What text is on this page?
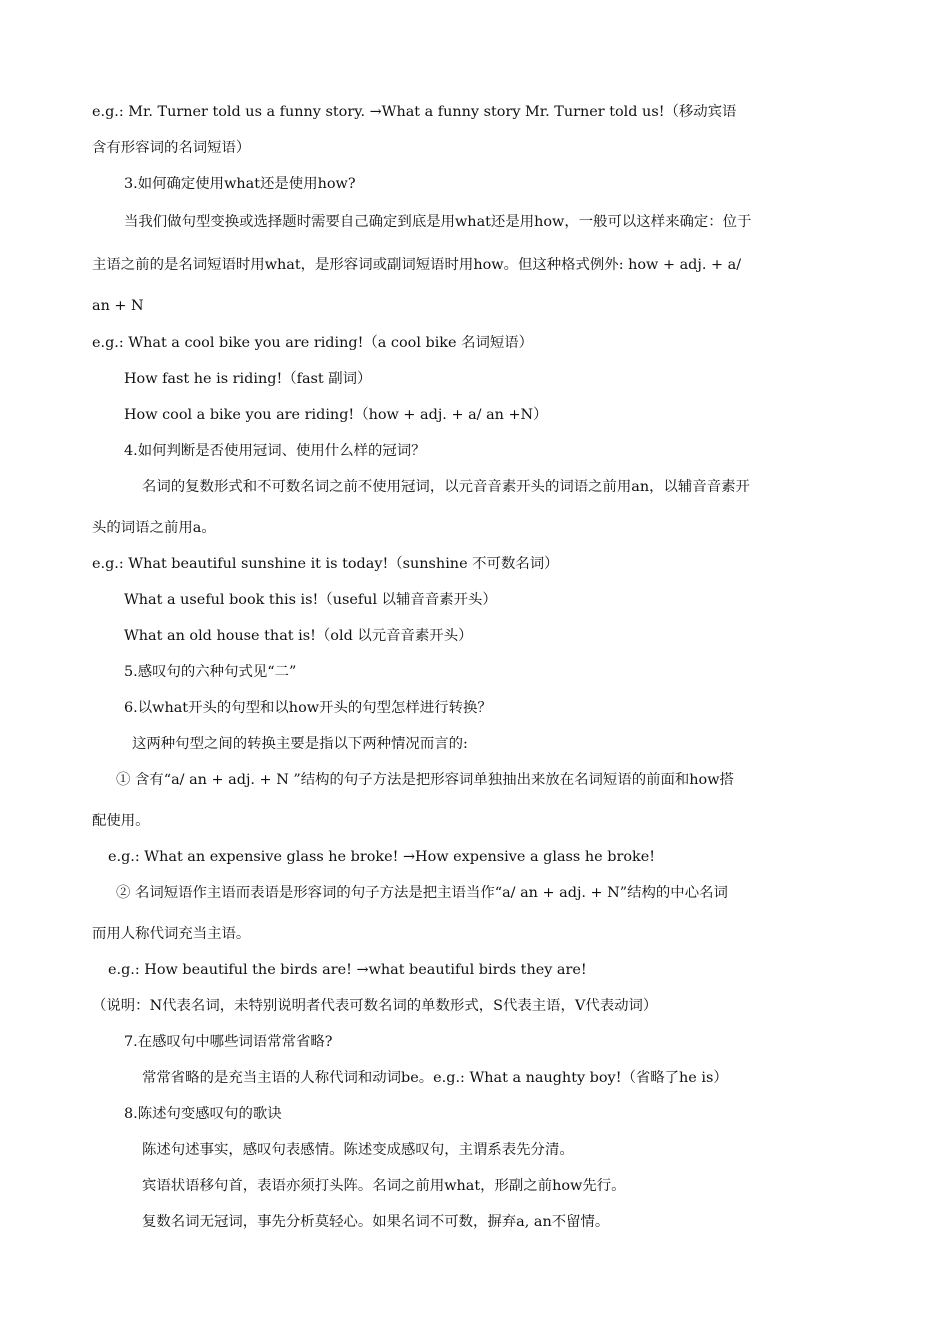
e.g.: Mr. Turner told us a funny story. →What a funny story Mr. Turner told us!（移动宾语
含有形容词的名词短语）
3.如何确定使用what还是使用how?
当我们做句型变换或选择题时需要自己确定到底是用what还是用how，一般可以这样来确定：位于
主语之前的是名词短语时用what，是形容词或副词短语时用how。但这种格式例外: how + adj. + a/
an + N
e.g.: What a cool bike you are riding!（a cool bike 名词短语）
How fast he is riding!（fast 副词）
How cool a bike you are riding!（how + adj. + a/ an +N）
4.如何判断是否使用冠词、使用什么样的冠词？
名词的复数形式和不可数名词之前不使用冠词，以元音音素开头的词语之前用an，以辅音音素开
头的词语之前用a。
e.g.: What beautiful sunshine it is today!（sunshine 不可数名词）
What a useful book this is!（useful 以辅音音素开头）
What an old house that is!（old 以元音音素开头）
5.感叹句的六种句式见“二”
6.以what开头的句型和以how开头的句型怎样进行转换？
这两种句型之间的转换主要是指以下两种情况而言的:
① 含有“a/ an + adj. + N ”结构的句子方法是把形容词单独抽出来放在名词短语的前面和how搭
配使用。
e.g.: What an expensive glass he broke! →How expensive a glass he broke!
② 名词短语作主语而表语是形容词的句子方法是把主语当作“a/ an + adj. + N”结构的中心名词
而用人称代词充当主语。
e.g.: How beautiful the birds are! →what beautiful birds they are!
（说明：N代表名词，未特别说明者代表可数名词的单数形式，S代表主语，V代表动词）
7.在感叹句中哪些词语常常省略?
常常省略的是充当主语的人称代词和动词be。e.g.: What a naughty boy!（省略了he is）
8.陈述句变感叹句的歌诀
陈述句述事实，感叹句表感情。陈述变成感叹句，主谓系表先分清。
宾语状语移句首，表语亦须打头阵。名词之前用what，形副之前how先行。
复数名词无冠词，事先分析莫轻心。如果名词不可数，摒弃a, an不留情。
